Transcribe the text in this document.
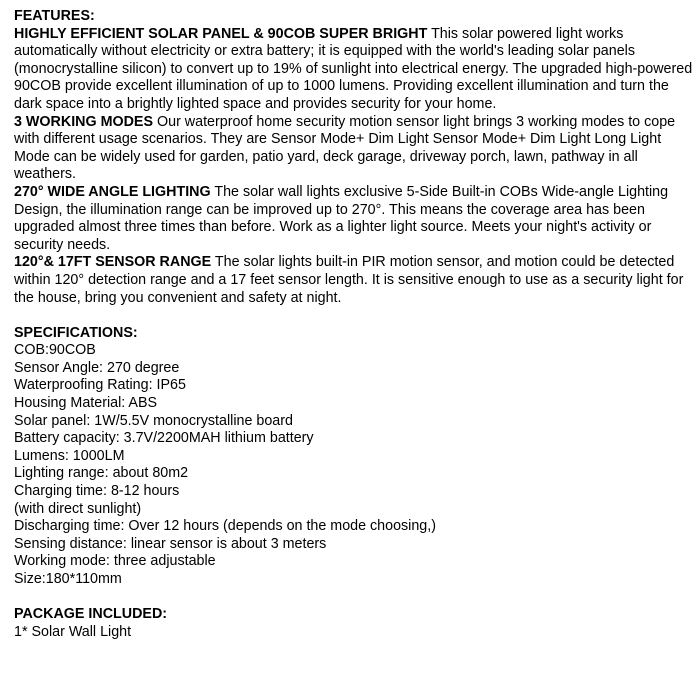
FEATURES:

HIGHLY EFFICIENT SOLAR PANEL & 90COB SUPER BRIGHT This solar powered light works automatically without electricity or extra battery; it is equipped with the world's leading solar panels (monocrystalline silicon) to convert up to 19% of sunlight into electrical energy. The upgraded high-powered 90COB provide excellent illumination of up to 1000 lumens. Providing excellent illumination and turn the dark space into a brightly lighted space and provides security for your home.

3 WORKING MODES Our waterproof home security motion sensor light brings 3 working modes to cope with different usage scenarios. They are Sensor Mode+ Dim Light Sensor Mode+ Dim Light Long Light Mode can be widely used for garden, patio yard, deck garage, driveway porch, lawn, pathway in all weathers.

270° WIDE ANGLE LIGHTING The solar wall lights exclusive 5-Side Built-in COBs Wide-angle Lighting Design, the illumination range can be improved up to 270°. This means the coverage area has been upgraded almost three times than before. Work as a lighter light source. Meets your night's activity or security needs.

120°& 17FT SENSOR RANGE The solar lights built-in PIR motion sensor, and motion could be detected within 120° detection range and a 17 feet sensor length. It is sensitive enough to use as a security light for the house, bring you convenient and safety at night.

SPECIFICATIONS:

COB:90COB

Sensor Angle: 270 degree

Waterproofing Rating: IP65

Housing Material: ABS

Solar panel: 1W/5.5V monocrystalline board

Battery capacity: 3.7V/2200MAH lithium battery

Lumens: 1000LM

Lighting range: about 80m2

Charging time: 8-12 hours

(with direct sunlight)

Discharging time: Over 12 hours (depends on the mode choosing,)

Sensing distance: linear sensor is about 3 meters

Working mode: three adjustable

Size:180*110mm

PACKAGE INCLUDED:

1* Solar Wall Light
